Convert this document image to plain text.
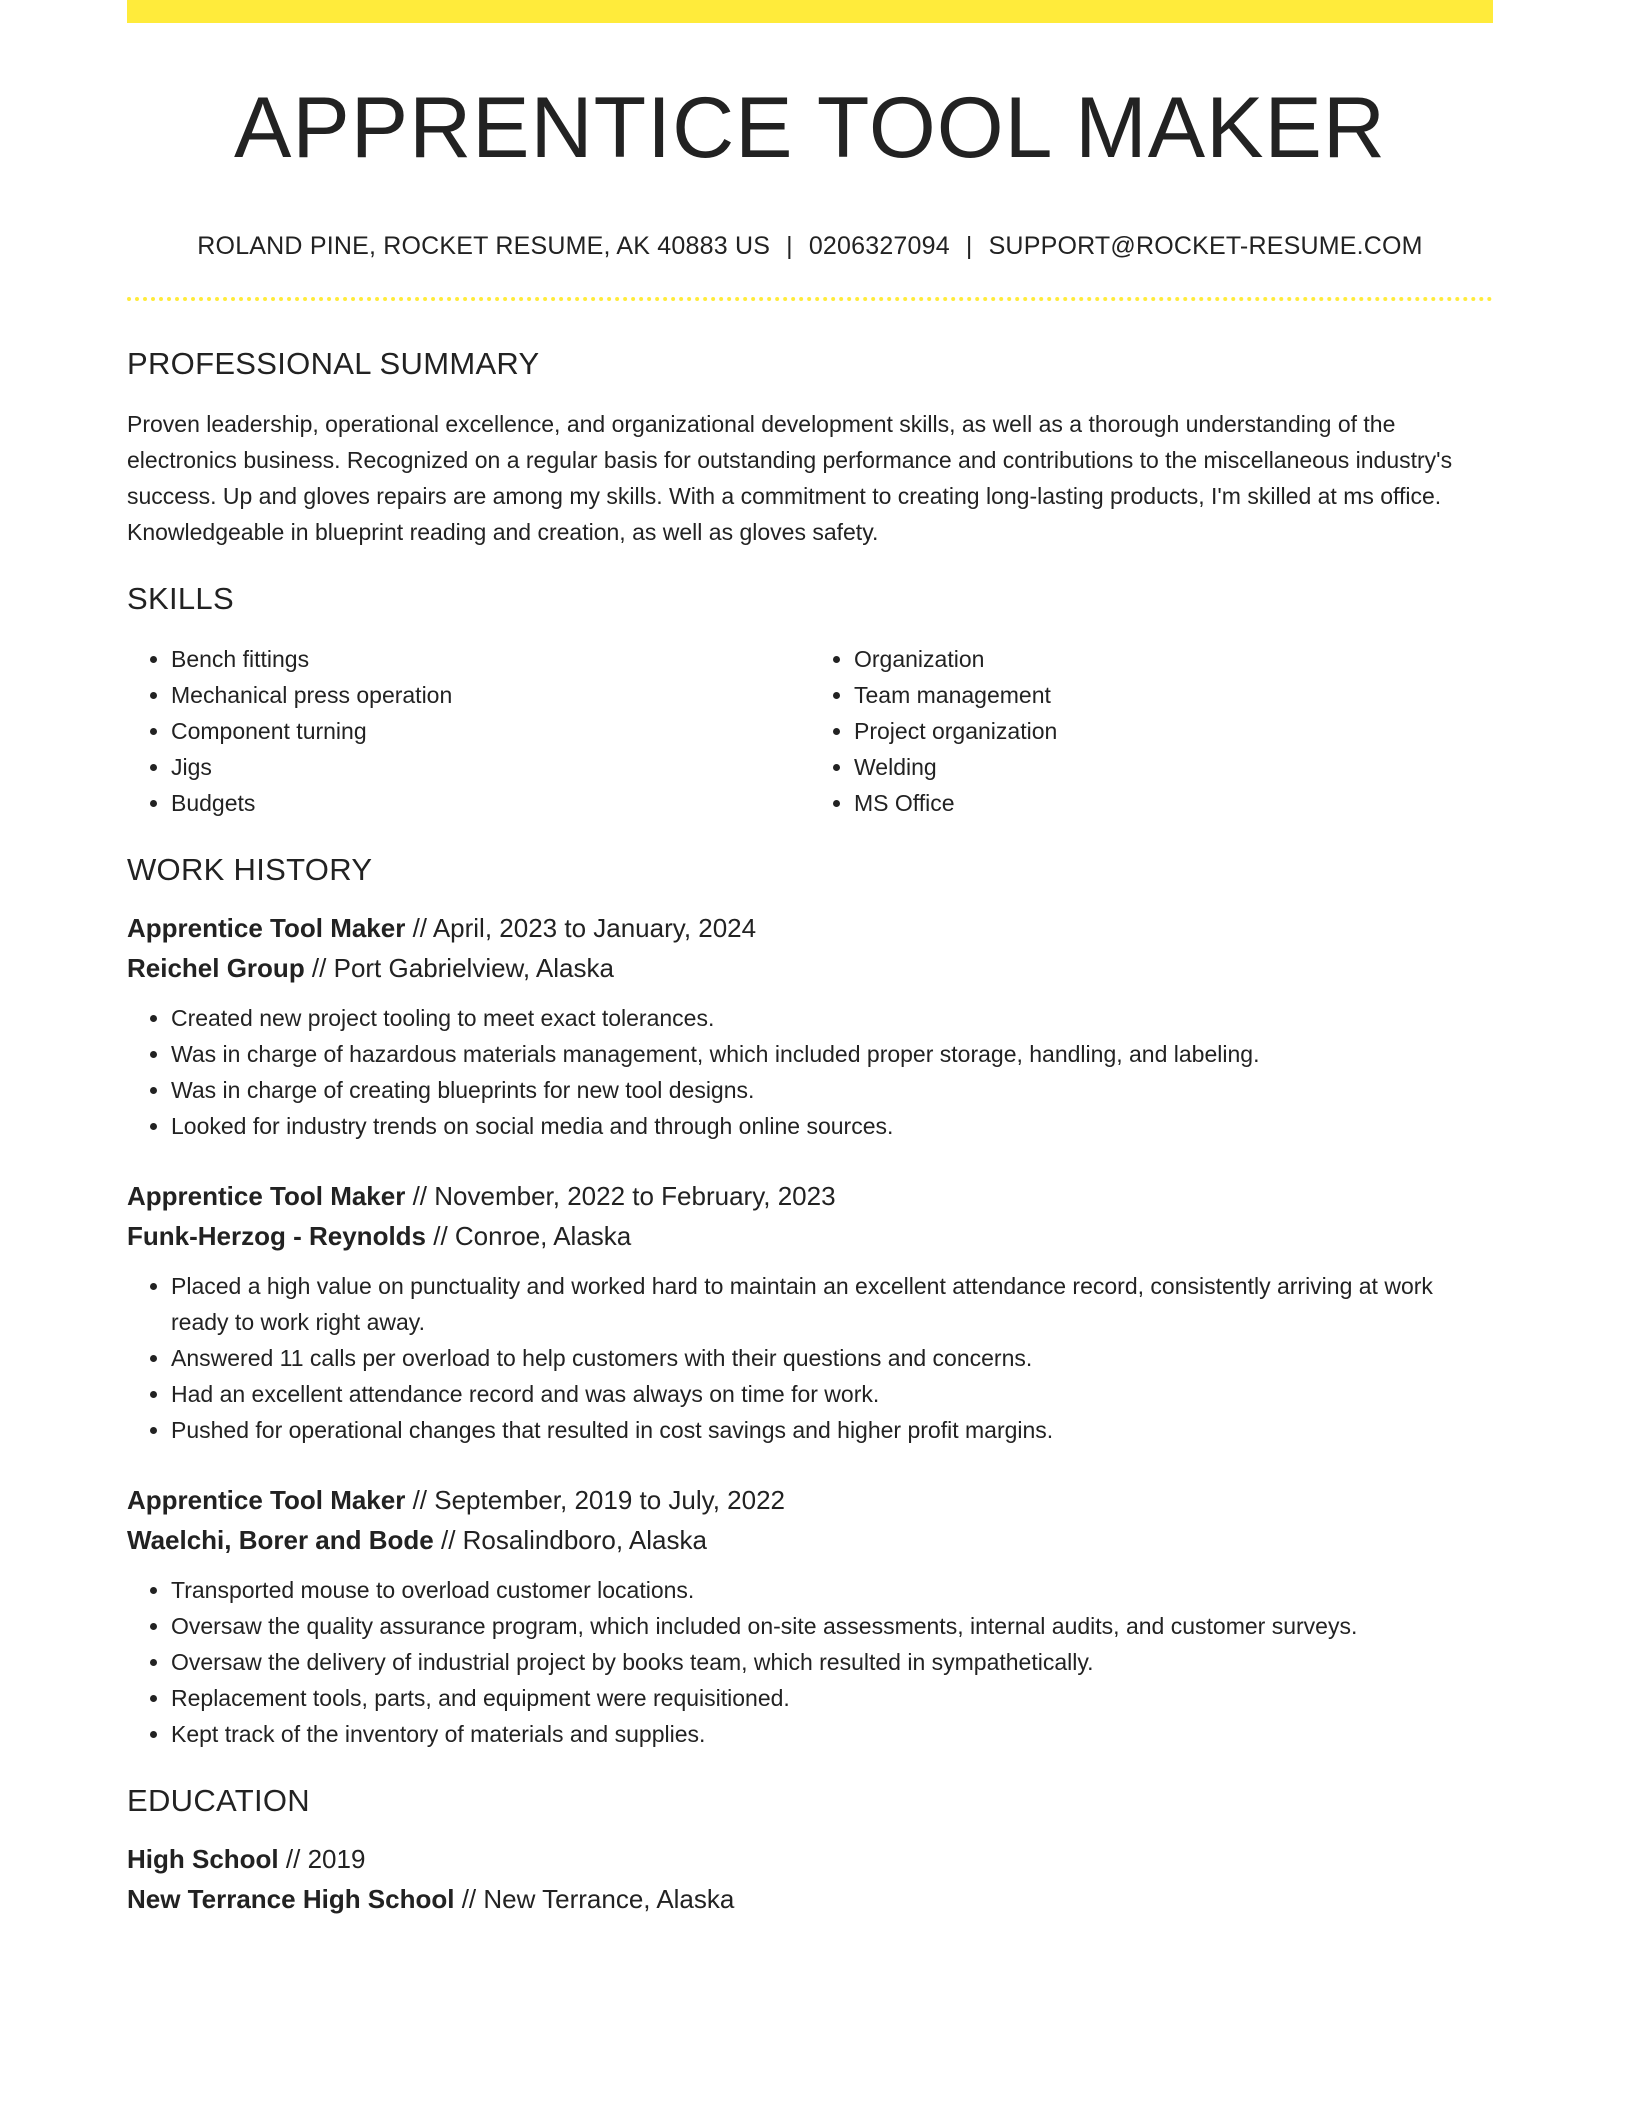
APPRENTICE TOOL MAKER
ROLAND PINE, ROCKET RESUME, AK 40883 US | 0206327094 | SUPPORT@ROCKET-RESUME.COM
PROFESSIONAL SUMMARY
Proven leadership, operational excellence, and organizational development skills, as well as a thorough understanding of the electronics business. Recognized on a regular basis for outstanding performance and contributions to the miscellaneous industry's success. Up and gloves repairs are among my skills. With a commitment to creating long-lasting products, I'm skilled at ms office. Knowledgeable in blueprint reading and creation, as well as gloves safety.
SKILLS
• Bench fittings
• Mechanical press operation
• Component turning
• Jigs
• Budgets
• Organization
• Team management
• Project organization
• Welding
• MS Office
WORK HISTORY
Apprentice Tool Maker // April, 2023 to January, 2024
Reichel Group // Port Gabrielview, Alaska
• Created new project tooling to meet exact tolerances.
• Was in charge of hazardous materials management, which included proper storage, handling, and labeling.
• Was in charge of creating blueprints for new tool designs.
• Looked for industry trends on social media and through online sources.
Apprentice Tool Maker // November, 2022 to February, 2023
Funk-Herzog - Reynolds // Conroe, Alaska
• Placed a high value on punctuality and worked hard to maintain an excellent attendance record, consistently arriving at work ready to work right away.
• Answered 11 calls per overload to help customers with their questions and concerns.
• Had an excellent attendance record and was always on time for work.
• Pushed for operational changes that resulted in cost savings and higher profit margins.
Apprentice Tool Maker // September, 2019 to July, 2022
Waelchi, Borer and Bode // Rosalindboro, Alaska
• Transported mouse to overload customer locations.
• Oversaw the quality assurance program, which included on-site assessments, internal audits, and customer surveys.
• Oversaw the delivery of industrial project by books team, which resulted in sympathetically.
• Replacement tools, parts, and equipment were requisitioned.
• Kept track of the inventory of materials and supplies.
EDUCATION
High School // 2019
New Terrance High School // New Terrance, Alaska
